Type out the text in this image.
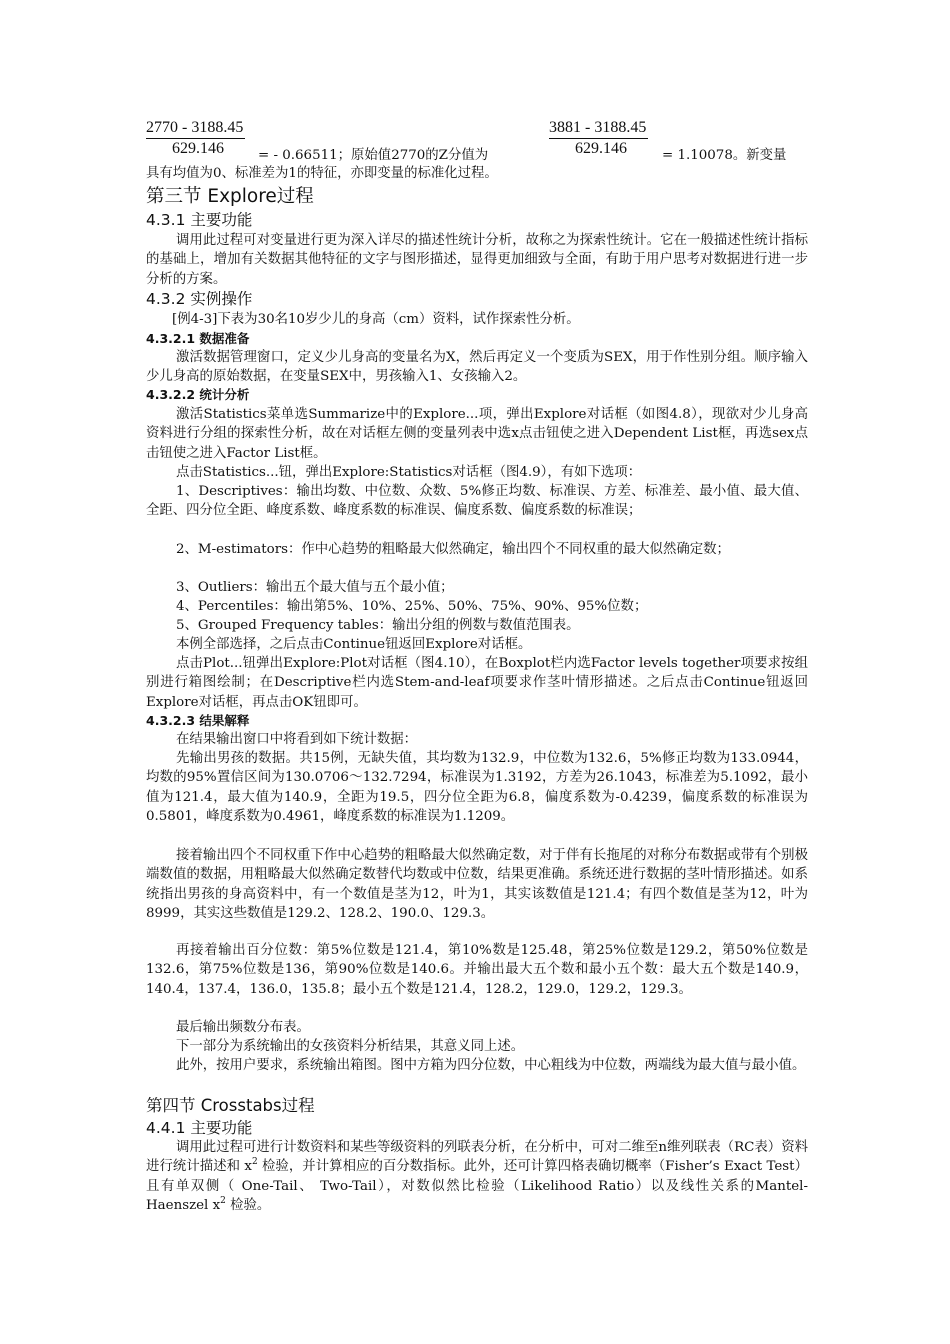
$\frac{2770 - 3188.45}{629.146}$ = - 0.66511；原始值2770的Z分值为	$\frac{3881 - 3188.45}{629.146} = 1.10078$。新变量
具有均值为0、标准差为1的特征，亦即变量的标准化过程。
第三节 Explore过程
4.3.1 主要功能
调用此过程可对变量进行更为深入详尽的描述性统计分析，故称之为探索性统计。它在一般描述性统计指标的基础上，增加有关数据其他特征的文字与图形描述，显得更加细致与全面，有助于用户思考对数据进行进一步分析的方案。
4.3.2 实例操作
[例4-3]下表为30名10岁少儿的身高（cm）资料，试作探索性分析。
4.3.2.1 数据准备
激活数据管理窗口，定义少儿身高的变量名为X，然后再定义一个变质为SEX，用于作性别分组。顺序输入少儿身高的原始数据，在变量SEX中，男孩输入1、女孩输入2。
4.3.2.2 统计分析
激活Statistics菜单选Summarize中的Explore...项，弹出Explore对话框（如图4.8），现欲对少儿身高资料进行分组的探索性分析，故在对话框左侧的变量列表中选x点击钮使之进入Dependent List框，再选sex点击钮使之进入Factor List框。
点击Statistics...钮，弹出Explore:Statistics对话框（图4.9），有如下选项：
1、Descriptives：输出均数、中位数、众数、5%修正均数、标准误、方差、标准差、最小值、最大值、全距、四分位全距、峰度系数、峰度系数的标准误、偏度系数、偏度系数的标准误；
2、M-estimators：作中心趋势的粗略最大似然确定，输出四个不同权重的最大似然确定数；
3、Outliers：输出五个最大值与五个最小值；
4、Percentiles：输出第5%、10%、25%、50%、75%、90%、95%位数；
5、Grouped Frequency tables：输出分组的例数与数值范围表。
本例全部选择，之后点击Continue钮返回Explore对话框。
点击Plot...钮弹出Explore:Plot对话框（图4.10），在Boxplot栏内选Factor levels together项要求按组别进行箱图绘制；在Descriptive栏内选Stem-and-leaf项要求作茎叶情形描述。之后点击Continue钮返回Explore对话框，再点击OK钮即可。
4.3.2.3 结果解释
在结果输出窗口中将看到如下统计数据：
先输出男孩的数据。共15例，无缺失值，其均数为132.9，中位数为132.6，5%修正均数为133.0944，均数的95%置信区间为130.0706～132.7294，标准误为1.3192，方差为26.1043，标准差为5.1092，最小值为121.4，最大值为140.9，全距为19.5，四分位全距为6.8，偏度系数为-0.4239，偏度系数的标准误为0.5801，峰度系数为0.4961，峰度系数的标准误为1.1209。
接着输出四个不同权重下作中心趋势的粗略最大似然确定数，对于伴有长拖尾的对称分布数据或带有个别极端数值的数据，用粗略最大似然确定数替代均数或中位数，结果更准确。系统还进行数据的茎叶情形描述。如系统指出男孩的身高资料中，有一个数值是茎为12，叶为1，其实该数值是121.4；有四个数值是茎为12，叶为8999，其实这些数值是129.2、128.2、190.0、129.3。
再接着输出百分位数：第5%位数是121.4，第10%数是125.48，第25%位数是129.2，第50%位数是132.6，第75%位数是136，第90%位数是140.6。并输出最大五个数和最小五个数：最大五个数是140.9，140.4，137.4，136.0，135.8；最小五个数是121.4，128.2，129.0，129.2，129.3。
最后输出频数分布表。
下一部分为系统输出的女孩资料分析结果，其意义同上述。
此外，按用户要求，系统输出箱图。图中方箱为四分位数，中心粗线为中位数，两端线为最大值与最小值。
第四节 Crosstabs过程
4.4.1 主要功能
调用此过程可进行计数资料和某些等级资料的列联表分析，在分析中，可对二维至n维列联表（RC表）资料进行统计描述和 $x^2$ 检验，并计算相应的百分数指标。此外，还可计算四格表确切概率（Fisher’s Exact Test）且有单双侧（ One-Tail、 Two-Tail），对数似然比检验（Likelihood Ratio）以及线性关系的Mantel-Haenszel $x^2$ 检验。
